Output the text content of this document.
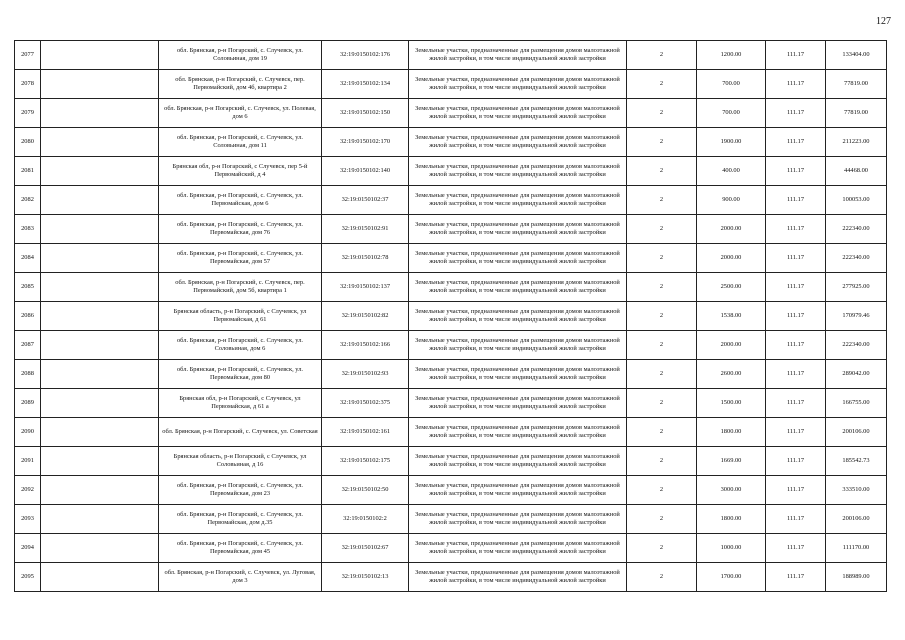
127
2077		обл. Брянская, р-н Погарский, с. Случевск, ул. Соловьиная, дом 19	32:19:0150102:176	Земельные участки, предназначенные для размещения домов малоэтажной жилой застройки, в том числе индивидуальной жилой застройки	2	1200.00	111.17	133404.00
2078		обл. Брянская, р-н Погарский, с. Случевск, пер. Первомайский, дом 4б, квартира 2	32:19:0150102:134	Земельные участки, предназначенные для размещения домов малоэтажной жилой застройки, в том числе индивидуальной жилой застройки	2	700.00	111.17	77819.00
2079		обл. Брянская, р-н Погарский, с. Случевск, ул. Полевая, дом 6	32:19:0150102:150	Земельные участки, предназначенные для размещения домов малоэтажной жилой застройки, в том числе индивидуальной жилой застройки	2	700.00	111.17	77819.00
2080		обл. Брянская, р-н Погарский, с. Случевск, ул. Соловьиная, дом 11	32:19:0150102:170	Земельные участки, предназначенные для размещения домов малоэтажной жилой застройки, в том числе индивидуальной жилой застройки	2	1900.00	111.17	211223.00
2081		Брянская обл, р-н Погарский, с Случевск, пер 5-й Первомайский, д 4	32:19:0150102:140	Земельные участки, предназначенные для размещения домов малоэтажной жилой застройки, в том числе индивидуальной жилой застройки	2	400.00	111.17	44468.00
2082		обл. Брянская, р-н Погарский, с. Случевск, ул. Первомайская, дом 6	32:19:0150102:37	Земельные участки, предназначенные для размещения домов малоэтажной жилой застройки, в том числе индивидуальной жилой застройки	2	900.00	111.17	100053.00
2083		обл. Брянская, р-н Погарский, с. Случевск, ул. Первомайская, дом 76	32:19:0150102:91	Земельные участки, предназначенные для размещения домов малоэтажной жилой застройки, в том числе индивидуальной жилой застройки	2	2000.00	111.17	222340.00
2084		обл. Брянская, р-н Погарский, с. Случевск, ул. Первомайская, дом 57	32:19:0150102:78	Земельные участки, предназначенные для размещения домов малоэтажной жилой застройки, в том числе индивидуальной жилой застройки	2	2000.00	111.17	222340.00
2085		обл. Брянская, р-н Погарский, с. Случевск, пер. Первомайский, дом 5б, квартира 1	32:19:0150102:137	Земельные участки, предназначенные для размещения домов малоэтажной жилой застройки, в том числе индивидуальной жилой застройки	2	2500.00	111.17	277925.00
2086		Брянская область, р-н Погарский, с Случевск, ул Первомайская, д 61	32:19:0150102:82	Земельные участки, предназначенные для размещения домов малоэтажной жилой застройки, в том числе индивидуальной жилой застройки	2	1538.00	111.17	170979.46
2087		обл. Брянская, р-н Погарский, с. Случевск, ул. Соловьиная, дом 6	32:19:0150102:166	Земельные участки, предназначенные для размещения домов малоэтажной жилой застройки, в том числе индивидуальной жилой застройки	2	2000.00	111.17	222340.00
2088		обл. Брянская, р-н Погарский, с. Случевск, ул. Первомайская, дом 80	32:19:0150102:93	Земельные участки, предназначенные для размещения домов малоэтажной жилой застройки, в том числе индивидуальной жилой застройки	2	2600.00	111.17	289042.00
2089		Брянская обл, р-н Погарский, с Случевск, ул Первомайская, д 61 а	32:19:0150102:375	Земельные участки, предназначенные для размещения домов малоэтажной жилой застройки, в том числе индивидуальной жилой застройки	2	1500.00	111.17	166755.00
2090		обл. Брянская, р-н Погарский, с. Случевск, ул. Советская	32:19:0150102:161	Земельные участки, предназначенные для размещения домов малоэтажной жилой застройки, в том числе индивидуальной жилой застройки	2	1800.00	111.17	200106.00
2091		Брянская область, р-н Погарский, с Случевск, ул Соловьиная, д 16	32:19:0150102:175	Земельные участки, предназначенные для размещения домов малоэтажной жилой застройки, в том числе индивидуальной жилой застройки	2	1669.00	111.17	185542.73
2092		обл. Брянская, р-н Погарский, с. Случевск, ул. Первомайская, дом 23	32:19:0150102:50	Земельные участки, предназначенные для размещения домов малоэтажной жилой застройки, в том числе индивидуальной жилой застройки	2	3000.00	111.17	333510.00
2093		обл. Брянская, р-н Погарский, с. Случевск, ул. Первомайская, дом д.35	32:19:0150102:2	Земельные участки, предназначенные для размещения домов малоэтажной жилой застройки, в том числе индивидуальной жилой застройки	2	1800.00	111.17	200106.00
2094		обл. Брянская, р-н Погарский, с. Случевск, ул. Первомайская, дом 45	32:19:0150102:67	Земельные участки, предназначенные для размещения домов малоэтажной жилой застройки, в том числе индивидуальной жилой застройки	2	1000.00	111.17	111170.00
2095		обл. Брянская, р-н Погарский, с. Случевск, ул. Луговая, дом 3	32:19:0150102:13	Земельные участки, предназначенные для размещения домов малоэтажной жилой застройки, в том числе индивидуальной жилой застройки	2	1700.00	111.17	188989.00
